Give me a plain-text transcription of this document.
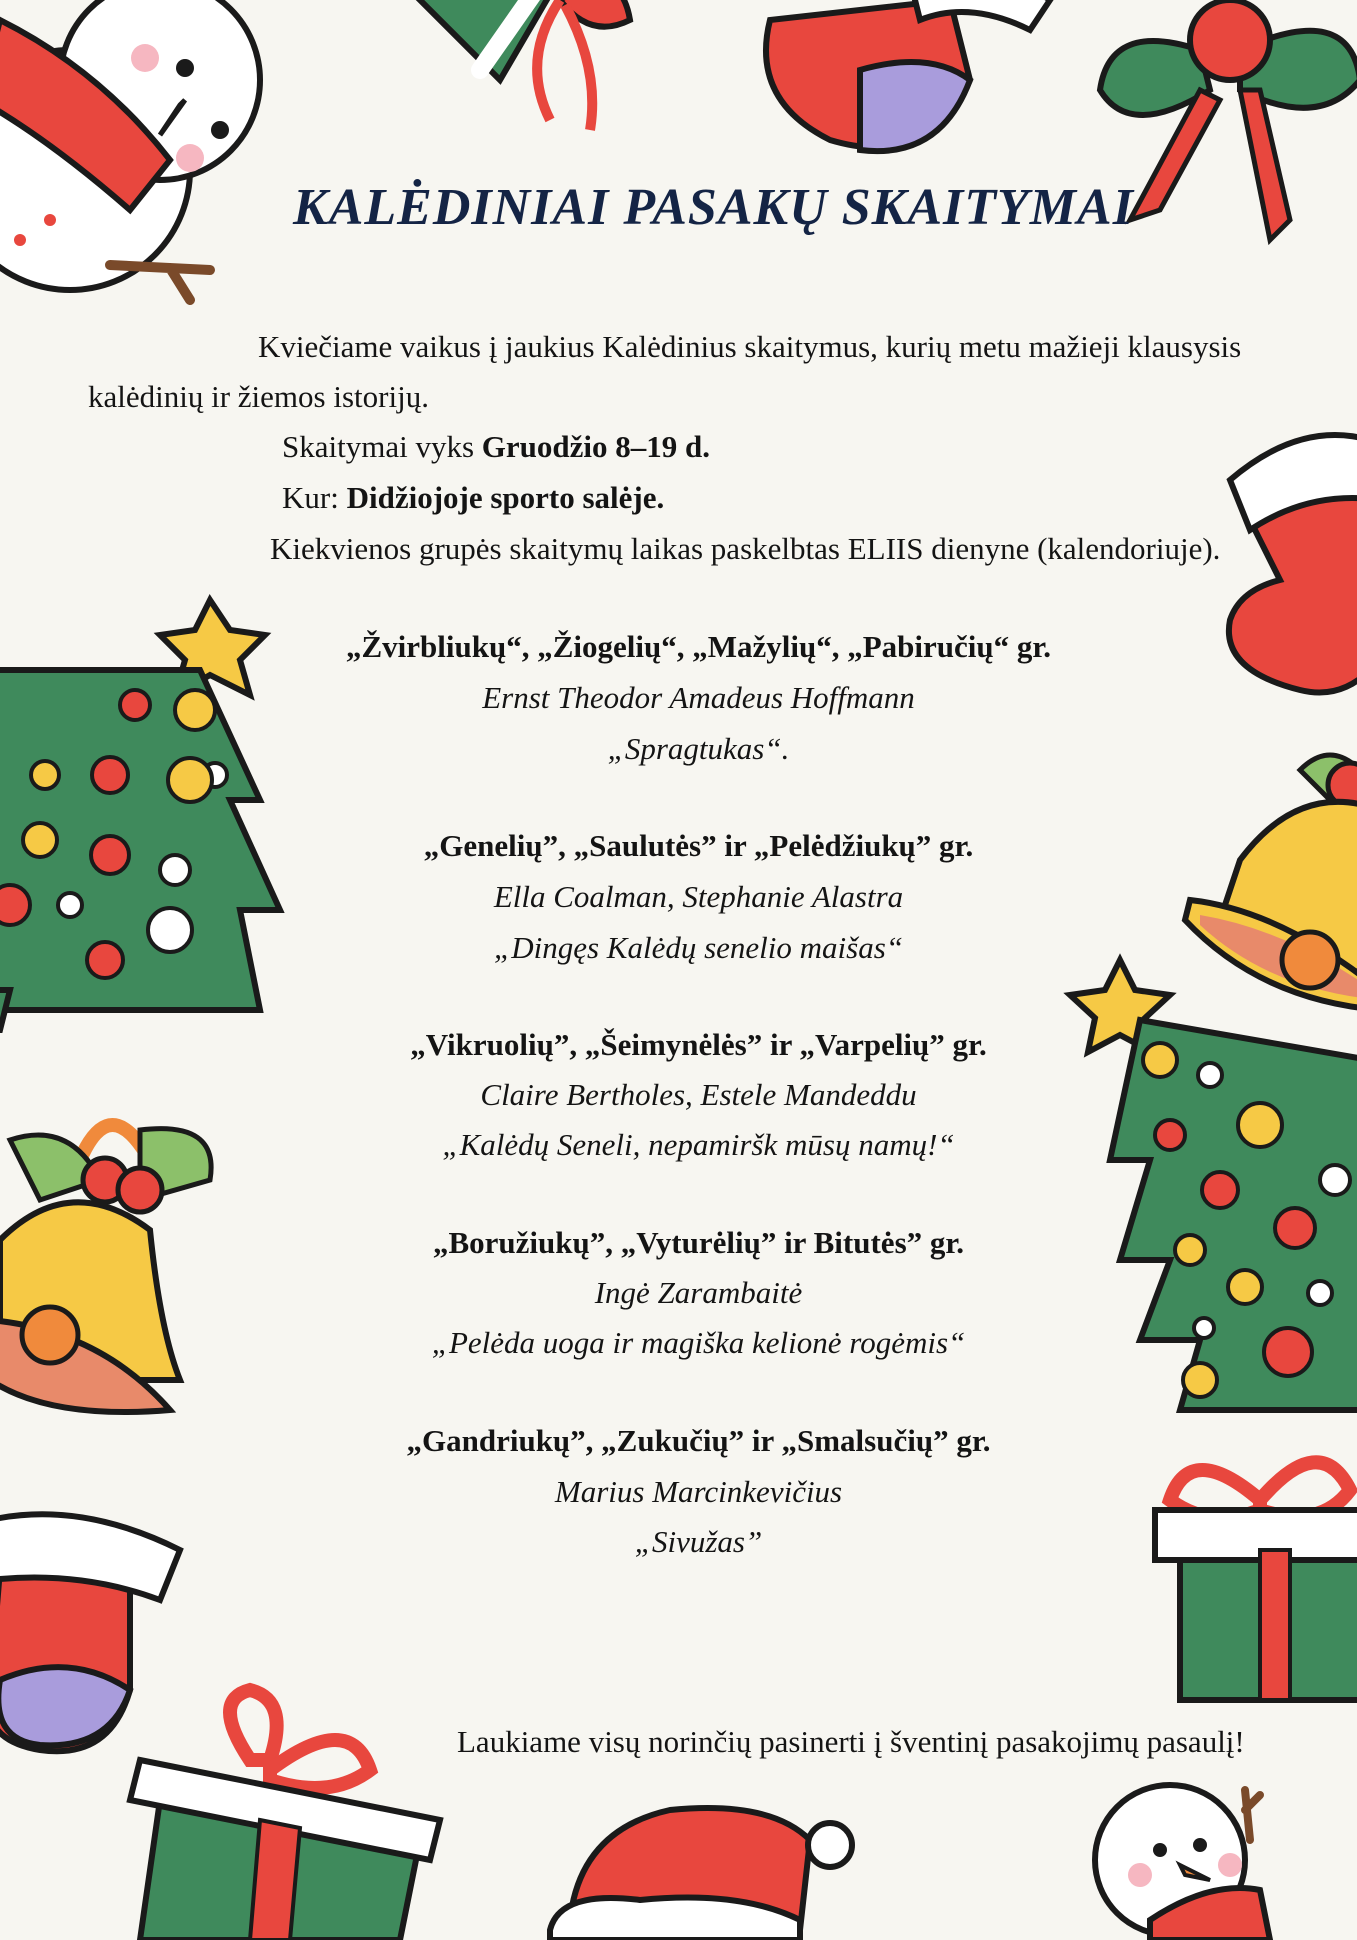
KALĖDINIAI PASAKŲ SKAITYMAI
Kviečiame vaikus į jaukius Kalėdinius skaitymus, kurių metu mažieji klausysis
kalėdinių ir žiemos istorijų.
Skaitymai vyks Gruodžio 8–19 d.
Kur: Didžiojoje sporto salėje.
Kiekvienos grupės skaitymų laikas paskelbtas ELIIS dienyne (kalendoriuje).
„Žvirbliukų“, „Žiogelių“, „Mažylių“, „Pabiručių“ gr.
Ernst Theodor Amadeus Hoffmann
„Spragtukas“.
„Genelių”, „Saulutės” ir „Pelėdžiukų” gr.
Ella Coalman, Stephanie Alastra
„Dingęs Kalėdų senelio maišas“
„Vikruolių”, „Šeimynėlės” ir „Varpelių” gr.
Claire Bertholes, Estele Mandeddu
„Kalėdų Seneli, nepamiršk mūsų namų!“
„Boružiukų”, „Vyturėlių” ir Bitutės” gr.
Ingė Zarambaitė
„Pelėda uoga ir magiška kelionė rogėmis“
„Gandriukų”, „Zukučių” ir „Smalsučių” gr.
Marius Marcinkevičius
„Sivužas”
Laukiame visų norinčių pasinerti į šventinį pasakojimų pasaulį!
